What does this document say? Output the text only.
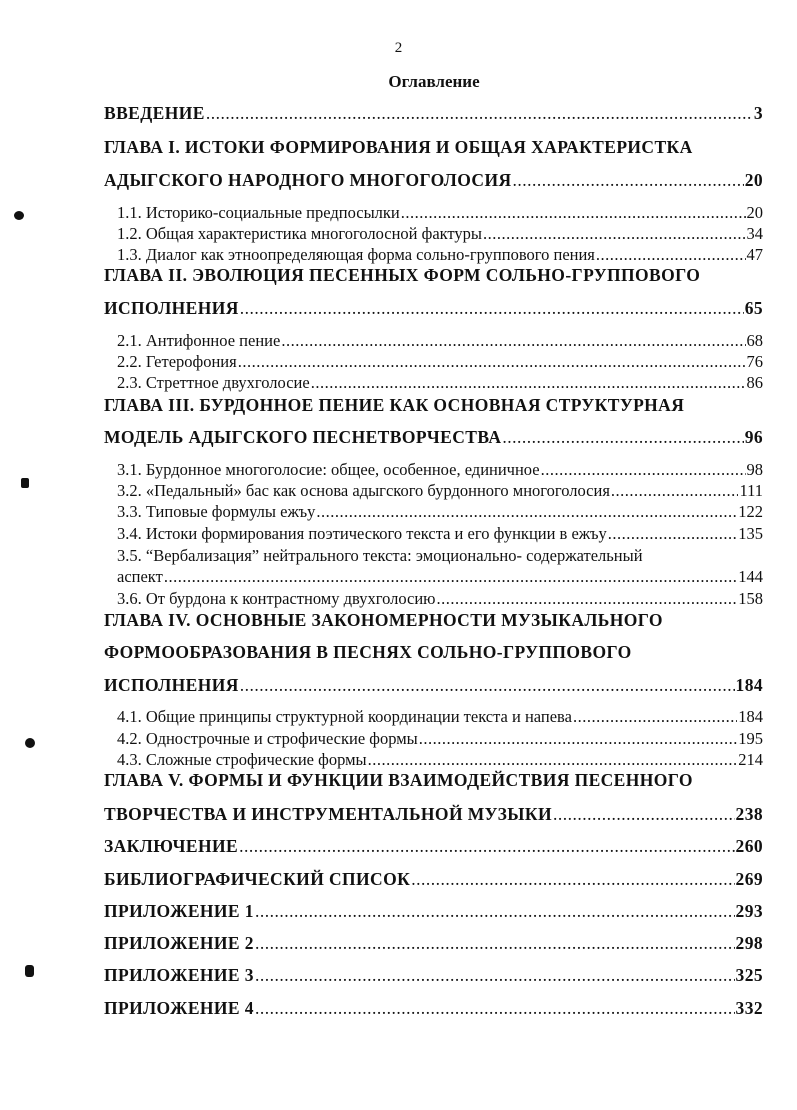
2
Оглавление
ВВЕДЕНИЕ .....	3
ГЛАВА I. ИСТОКИ ФОРМИРОВАНИЯ И ОБЩАЯ ХАРАКТЕРИСТКА
АДЫГСКОГО НАРОДНОГО МНОГОГОЛОСИЯ .....	20
1.1. Историко-социальные предпосылки .....	20
1.2. Общая характеристика многоголосной фактуры .....	34
1.3. Диалог как этноопределяющая форма сольно-группового пения .....	47
ГЛАВА II. ЭВОЛЮЦИЯ ПЕСЕННЫХ ФОРМ СОЛЬНО-ГРУППОВОГО
ИСПОЛНЕНИЯ .....	65
2.1. Антифонное пение .....	68
2.2. Гетерофония .....	76
2.3. Стреттное двухголосие .....	86
ГЛАВА III. БУРДОННОЕ ПЕНИЕ КАК ОСНОВНАЯ СТРУКТУРНАЯ
МОДЕЛЬ АДЫГСКОГО ПЕСНЕТВОРЧЕСТВА .....	96
3.1. Бурдонное многоголосие: общее, особенное, единичное .....	98
3.2. «Педальный» бас как основа адыгского бурдонного многоголосия .....	111
3.3. Типовые формулы ежъу .....	122
3.4. Истоки формирования поэтического текста и его функции в ежъу .....	135
3.5. “Вербализация” нейтрального текста: эмоционально- содержательный
аспект .....	144
3.6. От бурдона к контрастному двухголосию .....	158
ГЛАВА IV. ОСНОВНЫЕ ЗАКОНОМЕРНОСТИ МУЗЫКАЛЬНОГО
ФОРМООБРАЗОВАНИЯ В ПЕСНЯХ СОЛЬНО-ГРУППОВОГО
ИСПОЛНЕНИЯ .....	184
4.1. Общие принципы структурной координации текста и напева .....	184
4.2. Однострочные и строфические формы .....	195
4.3. Сложные строфические формы .....	214
ГЛАВА V. ФОРМЫ И ФУНКЦИИ ВЗАИМОДЕЙСТВИЯ ПЕСЕННОГО
ТВОРЧЕСТВА И ИНСТРУМЕНТАЛЬНОЙ МУЗЫКИ .....	238
ЗАКЛЮЧЕНИЕ .....	260
БИБЛИОГРАФИЧЕСКИЙ СПИСОК .....	269
ПРИЛОЖЕНИЕ 1 .....	293
ПРИЛОЖЕНИЕ 2 .....	298
ПРИЛОЖЕНИЕ 3 .....	325
ПРИЛОЖЕНИЕ 4 .....	332
